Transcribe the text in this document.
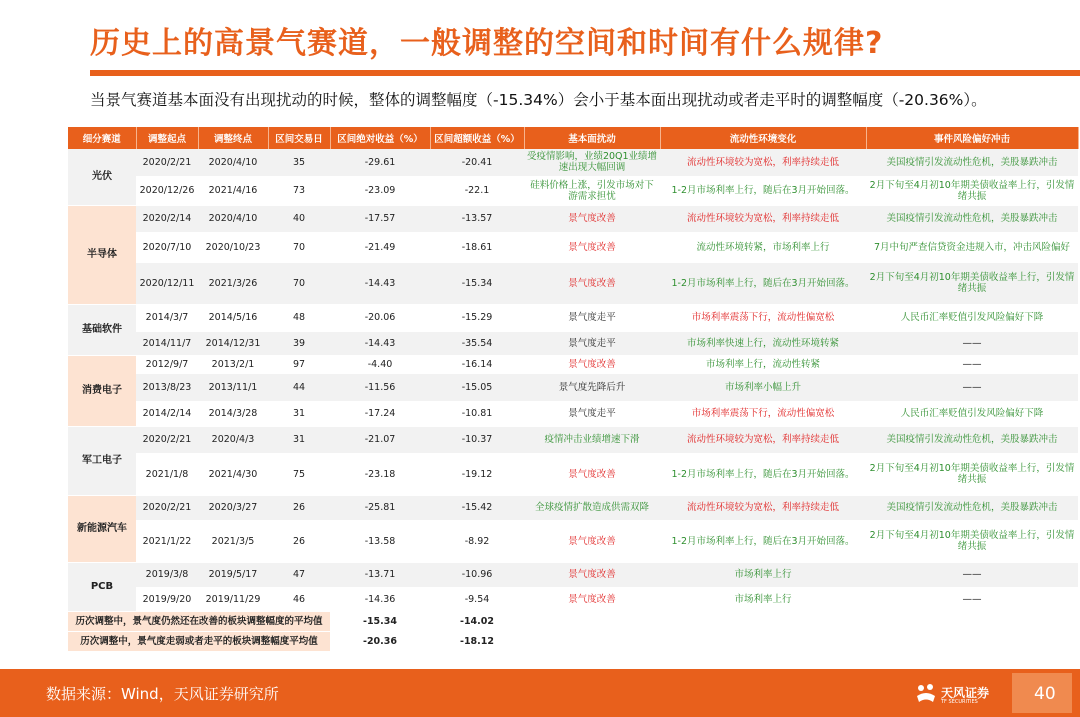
历史上的高景气赛道，一般调整的空间和时间有什么规律?
当景气赛道基本面没有出现扰动的时候，整体的调整幅度（-15.34%）会小于基本面出现扰动或者走平时的调整幅度（-20.36%）。
细分赛道	调整起点	调整终点	区间交易日	区间绝对收益（%）	区间超额收益（%）	基本面扰动	流动性环境变化	事件风险偏好冲击
光伏	2020/2/21	2020/4/10	35	-29.61	-20.41	受疫情影响，业绩20Q1业绩增速出现大幅回调	流动性环境较为宽松，利率持续走低	美国疫情引发流动性危机，美股暴跌冲击
	2020/12/26	2021/4/16	73	-23.09	-22.1	硅料价格上涨，引发市场对下游需求担忧	1-2月市场利率上行，随后在3月开始回落。	2月下旬至4月初10年期美债收益率上行，引发情绪共振
半导体	2020/2/14	2020/4/10	40	-17.57	-13.57	景气度改善	流动性环境较为宽松，利率持续走低	美国疫情引发流动性危机，美股暴跌冲击
	2020/7/10	2020/10/23	70	-21.49	-18.61	景气度改善	流动性环境转紧，市场利率上行	7月中旬严查信贷资金违规入市，冲击风险偏好
	2020/12/11	2021/3/26	70	-14.43	-15.34	景气度改善	1-2月市场利率上行，随后在3月开始回落。	2月下旬至4月初10年期美债收益率上行，引发情绪共振
基础软件	2014/3/7	2014/5/16	48	-20.06	-15.29	景气度走平	市场利率震荡下行，流动性偏宽松	人民币汇率贬值引发风险偏好下降
	2014/11/7	2014/12/31	39	-14.43	-35.54	景气度走平	市场利率快速上行，流动性环境转紧	——
消费电子	2012/9/7	2013/2/1	97	-4.40	-16.14	景气度改善	市场利率上行，流动性转紧	——
	2013/8/23	2013/11/1	44	-11.56	-15.05	景气度先降后升	市场利率小幅上升	——
	2014/2/14	2014/3/28	31	-17.24	-10.81	景气度走平	市场利率震荡下行，流动性偏宽松	人民币汇率贬值引发风险偏好下降
军工电子	2020/2/21	2020/4/3	31	-21.07	-10.37	疫情冲击业绩增速下滑	流动性环境较为宽松，利率持续走低	美国疫情引发流动性危机，美股暴跌冲击
	2021/1/8	2021/4/30	75	-23.18	-19.12	景气度改善	1-2月市场利率上行，随后在3月开始回落。	2月下旬至4月初10年期美债收益率上行，引发情绪共振
新能源汽车	2020/2/21	2020/3/27	26	-25.81	-15.42	全球疫情扩散造成供需双降	流动性环境较为宽松，利率持续走低	美国疫情引发流动性危机，美股暴跌冲击
	2021/1/22	2021/3/5	26	-13.58	-8.92	景气度改善	1-2月市场利率上行，随后在3月开始回落。	2月下旬至4月初10年期美债收益率上行，引发情绪共振
PCB	2019/3/8	2019/5/17	47	-13.71	-10.96	景气度改善	市场利率上行	——
	2019/9/20	2019/11/29	46	-14.36	-9.54	景气度改善	市场利率上行	——
历次调整中，景气度仍然还在改善的板块调整幅度的平均值				-15.34	-14.02			
历次调整中，景气度走弱或者走平的板块调整幅度平均值				-20.36	-18.12			
数据来源：Wind，天风证券研究所	天风证券
TF SECURITIES	40
